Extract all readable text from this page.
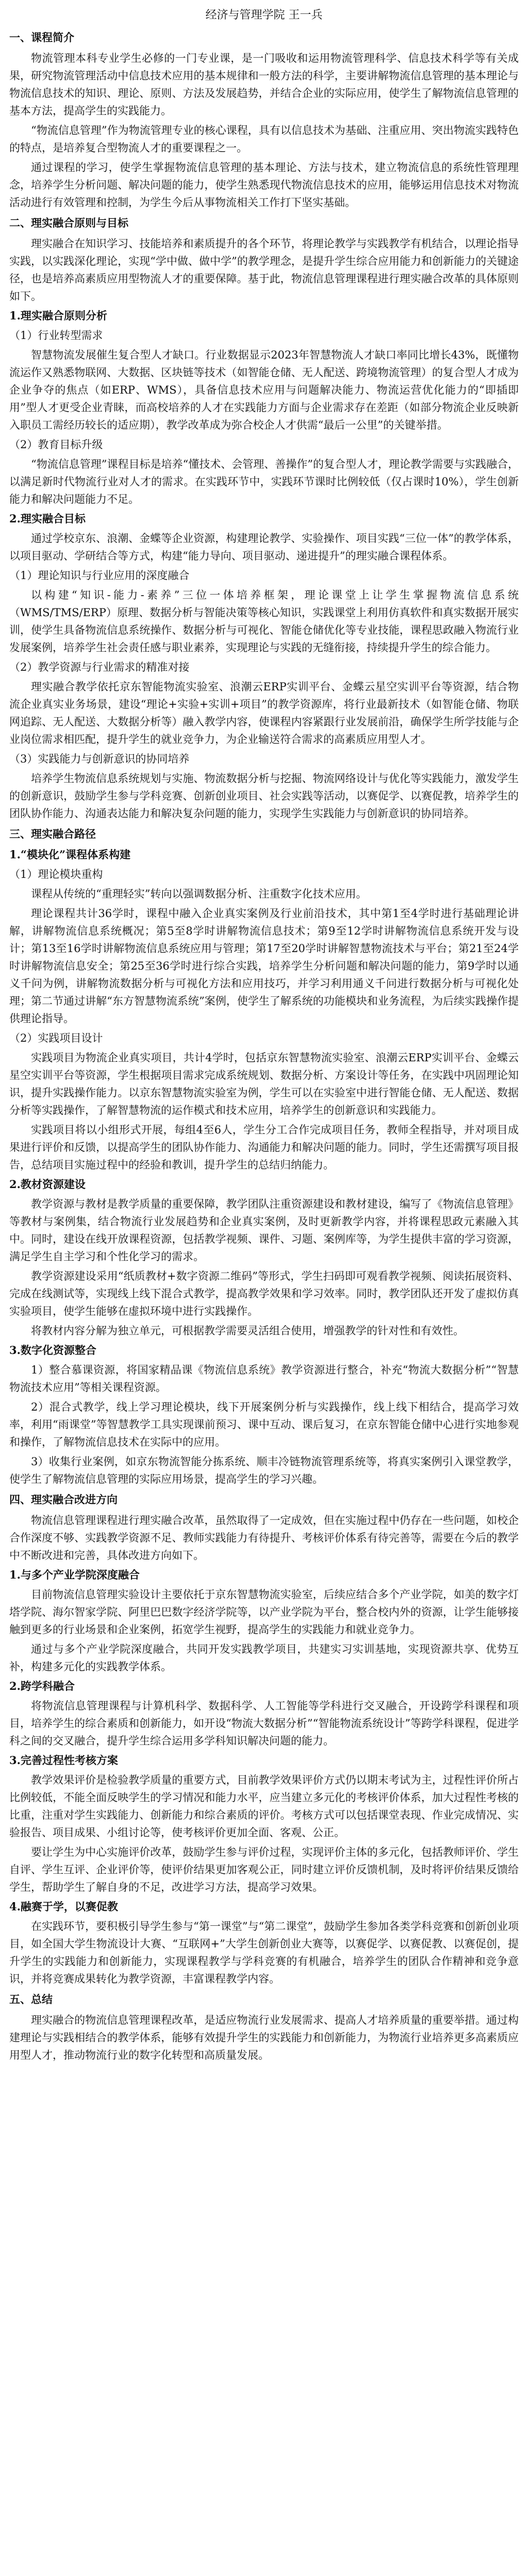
经济与管理学院 王一兵
一、课程简介
物流管理本科专业学生必修的一门专业课，是一门吸收和运用物流管理科学、信息技术科学等有关成果，研究物流管理活动中信息技术应用的基本规律和一般方法的科学，主要讲解物流信息管理的基本理论与物流信息技术的知识、理论、原则、方法及发展趋势，并结合企业的实际应用，使学生了解物流信息管理的基本方法，提高学生的实践能力。
“物流信息管理”作为物流管理专业的核心课程，具有以信息技术为基础、注重应用、突出物流实践特色的特点，是培养复合型物流人才的重要课程之一。
通过课程的学习，使学生掌握物流信息管理的基本理论、方法与技术，建立物流信息的系统性管理理念，培养学生分析问题、解决问题的能力，使学生熟悉现代物流信息技术的应用，能够运用信息技术对物流活动进行有效管理和控制，为学生今后从事物流相关工作打下坚实基础。
二、理实融合原则与目标
理实融合在知识学习、技能培养和素质提升的各个环节，将理论教学与实践教学有机结合，以理论指导实践，以实践深化理论，实现“学中做、做中学”的教学理念，是提升学生综合应用能力和创新能力的关键途径，也是培养高素质应用型物流人才的重要保障。基于此，物流信息管理课程进行理实融合改革的具体原则如下。
1.理实融合原则分析
（1）行业转型需求
智慧物流发展催生复合型人才缺口。行业数据显示2023年智慧物流人才缺口率同比增长43%，既懂物流运作又熟悉物联网、大数据、区块链等技术（如智能仓储、无人配送、跨境物流管理）的复合型人才成为企业争夺的焦点（如ERP、WMS），具备信息技术应用与问题解决能力、物流运营优化能力的“即插即用”型人才更受企业青睐，而高校培养的人才在实践能力方面与企业需求存在差距（如部分物流企业反映新入职员工需经历较长的适应期），教学改革成为弥合校企人才供需“最后一公里”的关键举措。
（2）教育目标升级
“物流信息管理”课程目标是培养“懂技术、会管理、善操作”的复合型人才，理论教学需要与实践融合，以满足新时代物流行业对人才的需求。在实践环节中，实践环节课时比例较低（仅占课时10%），学生创新能力和解决问题能力不足。
2.理实融合目标
通过学校京东、浪潮、金蝶等企业资源，构建理论教学、实验操作、项目实践“三位一体”的教学体系，以项目驱动、学研结合等方式，构建“能力导向、项目驱动、递进提升”的理实融合课程体系。
（1）理论知识与行业应用的深度融合
以构建“知识-能力-素养”三位一体培养框架，理论课堂上让学生掌握物流信息系统（WMS/TMS/ERP）原理、数据分析与智能决策等核心知识，实践课堂上利用仿真软件和真实数据开展实训，使学生具备物流信息系统操作、数据分析与可视化、智能仓储优化等专业技能，课程思政融入物流行业发展案例，培养学生社会责任感与职业素养，实现理论与实践的无缝衔接，持续提升学生的综合能力。
（2）教学资源与行业需求的精准对接
理实融合教学依托京东智能物流实验室、浪潮云ERP实训平台、金蝶云星空实训平台等资源，结合物流企业真实业务场景，建设“理论+实验+实训+项目”的教学资源库，将行业最新技术（如智能仓储、物联网追踪、无人配送、大数据分析等）融入教学内容，使课程内容紧跟行业发展前沿，确保学生所学技能与企业岗位需求相匹配，提升学生的就业竞争力，为企业输送符合需求的高素质应用型人才。
（3）实践能力与创新意识的协同培养
培养学生物流信息系统规划与实施、物流数据分析与挖掘、物流网络设计与优化等实践能力，激发学生的创新意识，鼓励学生参与学科竞赛、创新创业项目、社会实践等活动，以赛促学、以赛促教，培养学生的团队协作能力、沟通表达能力和解决复杂问题的能力，实现学生实践能力与创新意识的协同培养。
三、理实融合路径
1.“模块化”课程体系构建
（1）理论模块重构
课程从传统的“重理轻实”转向以强调数据分析、注重数字化技术应用。
理论课程共计36学时，课程中融入企业真实案例及行业前沿技术，其中第1至4学时进行基础理论讲解，讲解物流信息系统概况；第5至8学时讲解物流信息技术；第9至12学时讲解物流信息系统开发与设计；第13至16学时讲解物流信息系统应用与管理；第17至20学时讲解智慧物流技术与平台；第21至24学时讲解物流信息安全；第25至36学时进行综合实践，培养学生分析问题和解决问题的能力，第9学时以通义千问为例，讲解物流数据分析与可视化方法和应用技巧，并学习利用通义千问进行数据分析与可视化处理；第二节通过讲解“东方智慧物流系统”案例，使学生了解系统的功能模块和业务流程，为后续实践操作提供理论指导。
（2）实践项目设计
实践项目为物流企业真实项目，共计4学时，包括京东智慧物流实验室、浪潮云ERP实训平台、金蝶云星空实训平台等资源，学生根据项目需求完成系统规划、数据分析、方案设计等任务，在实践中巩固理论知识，提升实践操作能力。以京东智慧物流实验室为例，学生可以在实验室中进行智能仓储、无人配送、数据分析等实践操作，了解智慧物流的运作模式和技术应用，培养学生的创新意识和实践能力。
实践项目将以小组形式开展，每组4至6人，学生分工合作完成项目任务，教师全程指导，并对项目成果进行评价和反馈，以提高学生的团队协作能力、沟通能力和解决问题的能力。同时，学生还需撰写项目报告，总结项目实施过程中的经验和教训，提升学生的总结归纳能力。
2.教材资源建设
教学资源与教材是教学质量的重要保障，教学团队注重资源建设和教材建设，编写了《物流信息管理》等教材与案例集，结合物流行业发展趋势和企业真实案例，及时更新教学内容，并将课程思政元素融入其中。同时，建设在线开放课程资源，包括教学视频、课件、习题、案例库等，为学生提供丰富的学习资源，满足学生自主学习和个性化学习的需求。
教学资源建设采用“纸质教材+数字资源二维码”等形式，学生扫码即可观看教学视频、阅读拓展资料、完成在线测试等，实现线上线下混合式教学，提高教学效果和学习效率。同时，教学团队还开发了虚拟仿真实验项目，使学生能够在虚拟环境中进行实践操作。
将教材内容分解为独立单元，可根据教学需要灵活组合使用，增强教学的针对性和有效性。
3.数字化资源整合
1）整合慕课资源，将国家精品课《物流信息系统》教学资源进行整合，补充“物流大数据分析”“智慧物流技术应用”等相关课程资源。
2）混合式教学，线上学习理论模块，线下开展案例分析与实践操作，线上线下相结合，提高学习效率，利用“雨课堂”等智慧教学工具实现课前预习、课中互动、课后复习，在京东智能仓储中心进行实地参观和操作，了解物流信息技术在实际中的应用。
3）收集行业案例，如京东物流智能分拣系统、顺丰冷链物流管理系统等，将真实案例引入课堂教学，使学生了解物流信息管理的实际应用场景，提高学生的学习兴趣。
四、理实融合改进方向
物流信息管理课程进行理实融合改革，虽然取得了一定成效，但在实施过程中仍存在一些问题，如校企合作深度不够、实践教学资源不足、教师实践能力有待提升、考核评价体系有待完善等，需要在今后的教学中不断改进和完善，具体改进方向如下。
1.与多个产业学院深度融合
目前物流信息管理实验设计主要依托于京东智慧物流实验室，后续应结合多个产业学院，如美的数字灯塔学院、海尔智家学院、阿里巴巴数字经济学院等，以产业学院为平台，整合校内外的资源，让学生能够接触到更多的行业场景和企业案例，拓宽学生视野，提高学生的实践能力和就业竞争力。
通过与多个产业学院深度融合，共同开发实践教学项目，共建实习实训基地，实现资源共享、优势互补，构建多元化的实践教学体系。
2.跨学科融合
将物流信息管理课程与计算机科学、数据科学、人工智能等学科进行交叉融合，开设跨学科课程和项目，培养学生的综合素质和创新能力，如开设“物流大数据分析”“智能物流系统设计”等跨学科课程，促进学科之间的交叉融合，提升学生综合运用多学科知识解决问题的能力。
3.完善过程性考核方案
教学效果评价是检验教学质量的重要方式，目前教学效果评价方式仍以期末考试为主，过程性评价所占比例较低，不能全面反映学生的学习情况和能力水平，应当建立多元化的考核评价体系，加大过程性考核的比重，注重对学生实践能力、创新能力和综合素质的评价。考核方式可以包括课堂表现、作业完成情况、实验报告、项目成果、小组讨论等，使考核评价更加全面、客观、公正。
要让学生为中心实施评价改革，鼓励学生参与评价过程，实现评价主体的多元化，包括教师评价、学生自评、学生互评、企业评价等，使评价结果更加客观公正，同时建立评价反馈机制，及时将评价结果反馈给学生，帮助学生了解自身的不足，改进学习方法，提高学习效果。
4.融赛于学，以赛促教
在实践环节，要积极引导学生参与“第一课堂”与“第二课堂”，鼓励学生参加各类学科竞赛和创新创业项目，如全国大学生物流设计大赛、“互联网+”大学生创新创业大赛等，以赛促学、以赛促教、以赛促创，提升学生的实践能力和创新能力，实现课程教学与学科竞赛的有机融合，培养学生的团队合作精神和竞争意识，并将竞赛成果转化为教学资源，丰富课程教学内容。
五、总结
理实融合的物流信息管理课程改革，是适应物流行业发展需求、提高人才培养质量的重要举措。通过构建理论与实践相结合的教学体系，能够有效提升学生的实践能力和创新能力，为物流行业培养更多高素质应用型人才，推动物流行业的数字化转型和高质量发展。
